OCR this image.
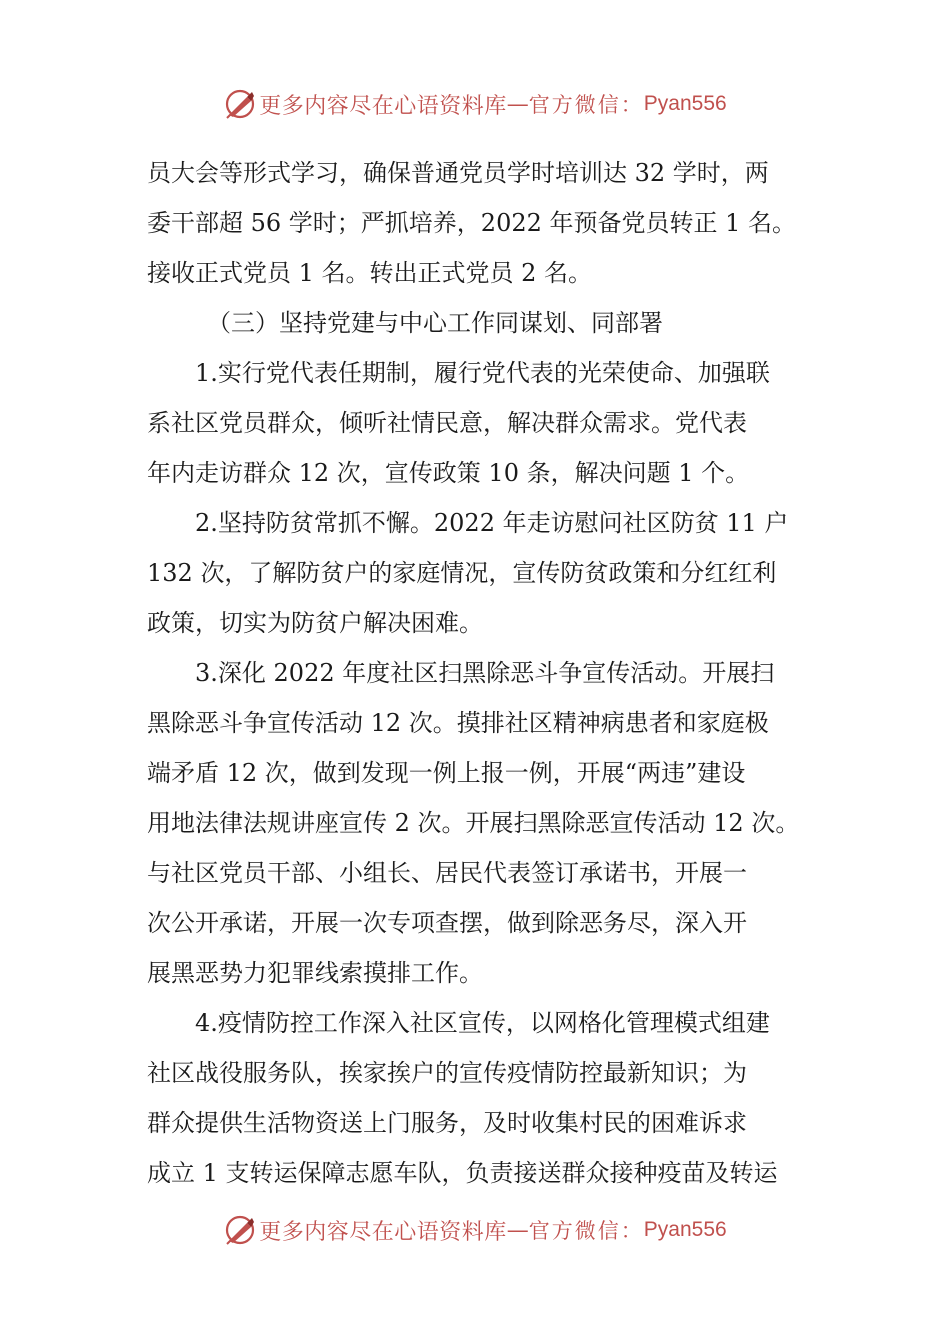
更多内容尽在心语资料库 — 官方微信： Pyan556
员大会等形式学习，确保普通党员学时培训达 32 学时，两
委干部超 56 学时；严抓培养，2022 年预备党员转正 1 名。
接收正式党员 1 名。转出正式党员 2 名。
（三）坚持党建与中心工作同谋划、同部署
1.实行党代表任期制，履行党代表的光荣使命、加强联
系社区党员群众，倾听社情民意，解决群众需求。党代表
年内走访群众 12 次，宣传政策 10 条，解决问题 1 个。
2.坚持防贫常抓不懈。2022 年走访慰问社区防贫 11 户
132 次，了解防贫户的家庭情况，宣传防贫政策和分红红利
政策，切实为防贫户解决困难。
3.深化 2022 年度社区扫黑除恶斗争宣传活动。开展扫
黑除恶斗争宣传活动 12 次。摸排社区精神病患者和家庭极
端矛盾 12 次，做到发现一例上报一例，开展“两违”建设
用地法律法规讲座宣传 2 次。开展扫黑除恶宣传活动 12 次。
与社区党员干部、小组长、居民代表签订承诺书，开展一
次公开承诺，开展一次专项查摆，做到除恶务尽，深入开
展黑恶势力犯罪线索摸排工作。
4.疫情防控工作深入社区宣传，以网格化管理模式组建
社区战役服务队，挨家挨户的宣传疫情防控最新知识；为
群众提供生活物资送上门服务，及时收集村民的困难诉求
成立 1 支转运保障志愿车队，负责接送群众接种疫苗及转运
更多内容尽在心语资料库 — 官方微信： Pyan556
